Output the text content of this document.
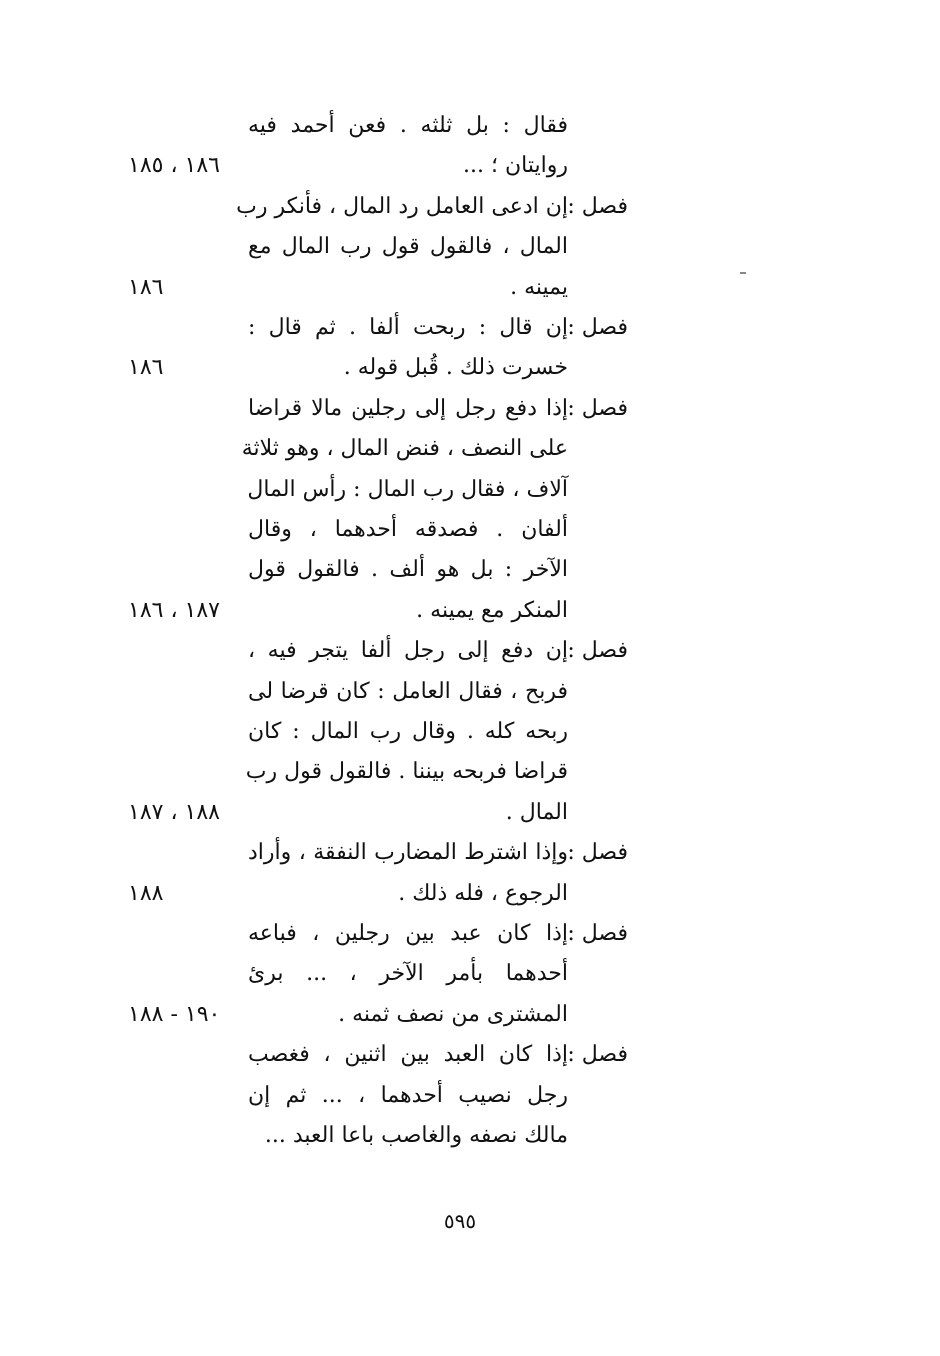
فقال : بل ثلثه . فعن أحمد فيه
روايتان ؛ ...
١٨٦ ، ١٨٥
فصل :
إن ادعى العامل رد المال ، فأنكر رب
المال ، فالقول قول رب المال مع
يمينه .
١٨٦
فصل :
إن قال : ربحت ألفا . ثم قال :
خسرت ذلك . قُبل قوله .
١٨٦
فصل :
إذا دفع رجل إلى رجلين مالا قراضا
على النصف ، فنض المال ، وهو ثلاثة
آلاف ، فقال رب المال : رأس المال
ألفان . فصدقه أحدهما ، وقال
الآخر : بل هو ألف . فالقول قول
المنكر مع يمينه .
١٨٧ ، ١٨٦
فصل :
إن دفع إلى رجل ألفا يتجر فيه ،
فربح ، فقال العامل : كان قرضا لى
ربحه كله . وقال رب المال : كان
قراضا فربحه بيننا . فالقول قول رب
المال .
١٨٨ ، ١٨٧
فصل :
وإذا اشترط المضارب النفقة ، وأراد
الرجوع ، فله ذلك .
١٨٨
فصل :
إذا كان عبد بين رجلين ، فباعه
أحدهما بأمر الآخر ، ... برئ
المشترى من نصف ثمنه .
١٩٠ - ١٨٨
فصل :
إذا كان العبد بين اثنين ، فغصب
رجل نصيب أحدهما ، ... ثم إن
مالك نصفه والغاصب باعا العبد ...
٥٩٥
